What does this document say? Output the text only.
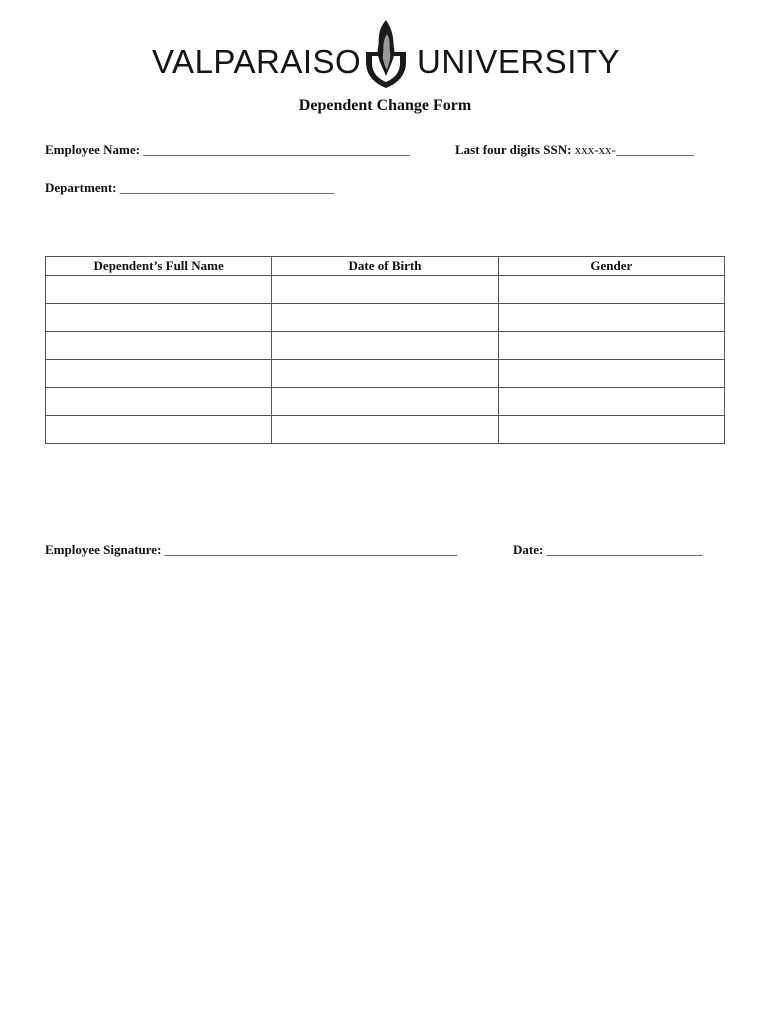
VALPARAISO UNIVERSITY
Dependent Change Form
Employee Name: _________________________________________	Last four digits SSN: xxx-xx-____________
Department: _________________________________
Dependent’s Full Name	Date of Birth	Gender

Employee Signature: _____________________________________________	Date: ________________________
